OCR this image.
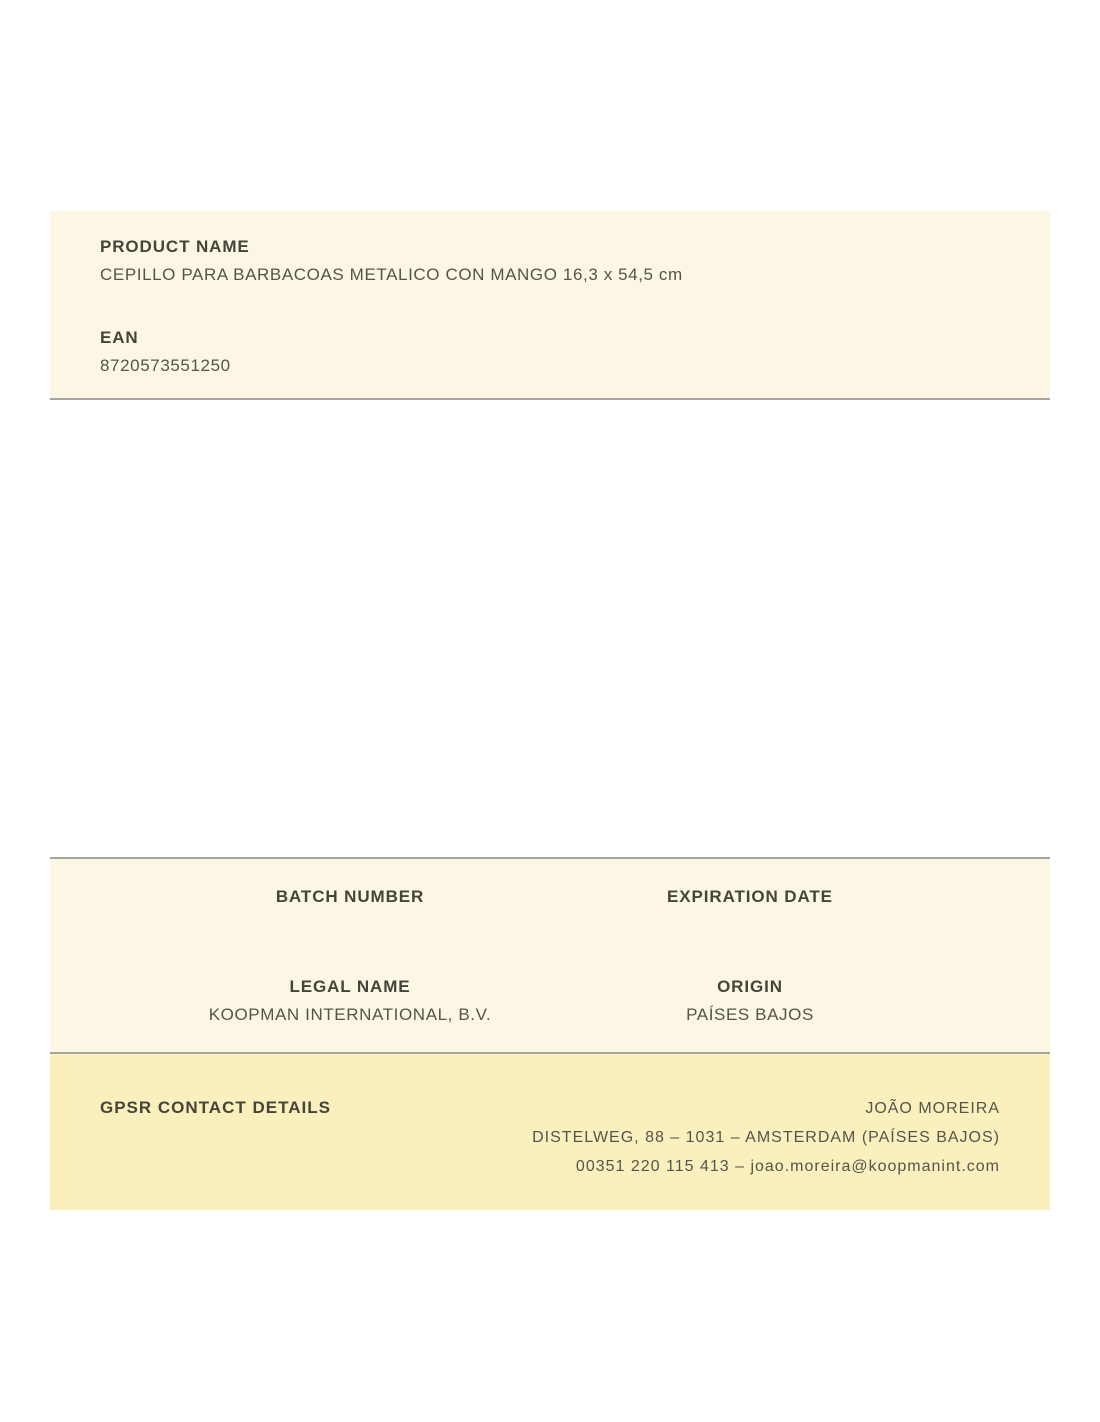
PRODUCT NAME
CEPILLO PARA BARBACOAS METALICO CON MANGO 16,3 x 54,5 cm
EAN
8720573551250
BATCH NUMBER	EXPIRATION DATE
LEGAL NAME	ORIGIN
KOOPMAN INTERNATIONAL, B.V.	PAÍSES BAJOS
GPSR CONTACT DETAILS	JOÃO MOREIRA
DISTELWEG, 88 – 1031 – AMSTERDAM (PAÍSES BAJOS)
00351 220 115 413 – joao.moreira@koopmanint.com
